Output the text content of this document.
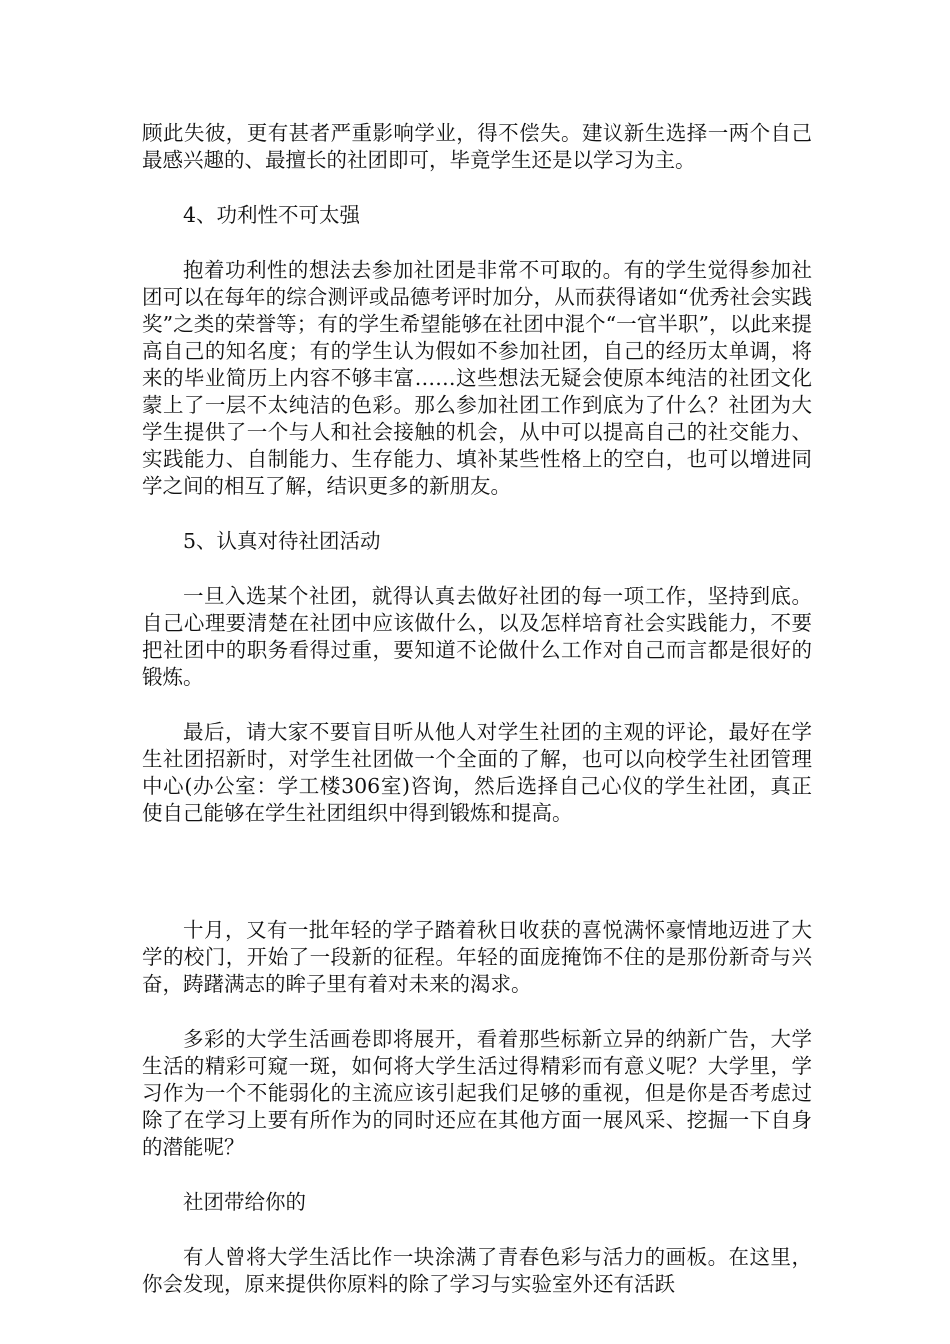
顾此失彼，更有甚者严重影响学业，得不偿失。建议新生选择一两个自己最感兴趣的、最擅长的社团即可，毕竟学生还是以学习为主。

4、功利性不可太强

抱着功利性的想法去参加社团是非常不可取的。有的学生觉得参加社团可以在每年的综合测评或品德考评时加分，从而获得诸如“优秀社会实践奖”之类的荣誉等；有的学生希望能够在社团中混个“一官半职”，以此来提高自己的知名度；有的学生认为假如不参加社团，自己的经历太单调，将来的毕业简历上内容不够丰富……这些想法无疑会使原本纯洁的社团文化蒙上了一层不太纯洁的色彩。那么参加社团工作到底为了什么？社团为大学生提供了一个与人和社会接触的机会，从中可以提高自己的社交能力、实践能力、自制能力、生存能力、填补某些性格上的空白，也可以增进同学之间的相互了解，结识更多的新朋友。

5、认真对待社团活动

一旦入选某个社团，就得认真去做好社团的每一项工作，坚持到底。自己心理要清楚在社团中应该做什么，以及怎样培育社会实践能力，不要把社团中的职务看得过重，要知道不论做什么工作对自己而言都是很好的锻炼。

最后，请大家不要盲目听从他人对学生社团的主观的评论，最好在学生社团招新时，对学生社团做一个全面的了解，也可以向校学生社团管理中心(办公室：学工楼306室)咨询，然后选择自己心仪的学生社团，真正使自己能够在学生社团组织中得到锻炼和提高。

十月，又有一批年轻的学子踏着秋日收获的喜悦满怀豪情地迈进了大学的校门，开始了一段新的征程。年轻的面庞掩饰不住的是那份新奇与兴奋，踌躇满志的眸子里有着对未来的渴求。

多彩的大学生活画卷即将展开，看着那些标新立异的纳新广告，大学生活的精彩可窥一斑，如何将大学生活过得精彩而有意义呢？大学里，学习作为一个不能弱化的主流应该引起我们足够的重视，但是你是否考虑过除了在学习上要有所作为的同时还应在其他方面一展风采、挖掘一下自身的潜能呢？

社团带给你的

有人曾将大学生活比作一块涂满了青春色彩与活力的画板。在这里，你会发现，原来提供你原料的除了学习与实验室外还有活跃
